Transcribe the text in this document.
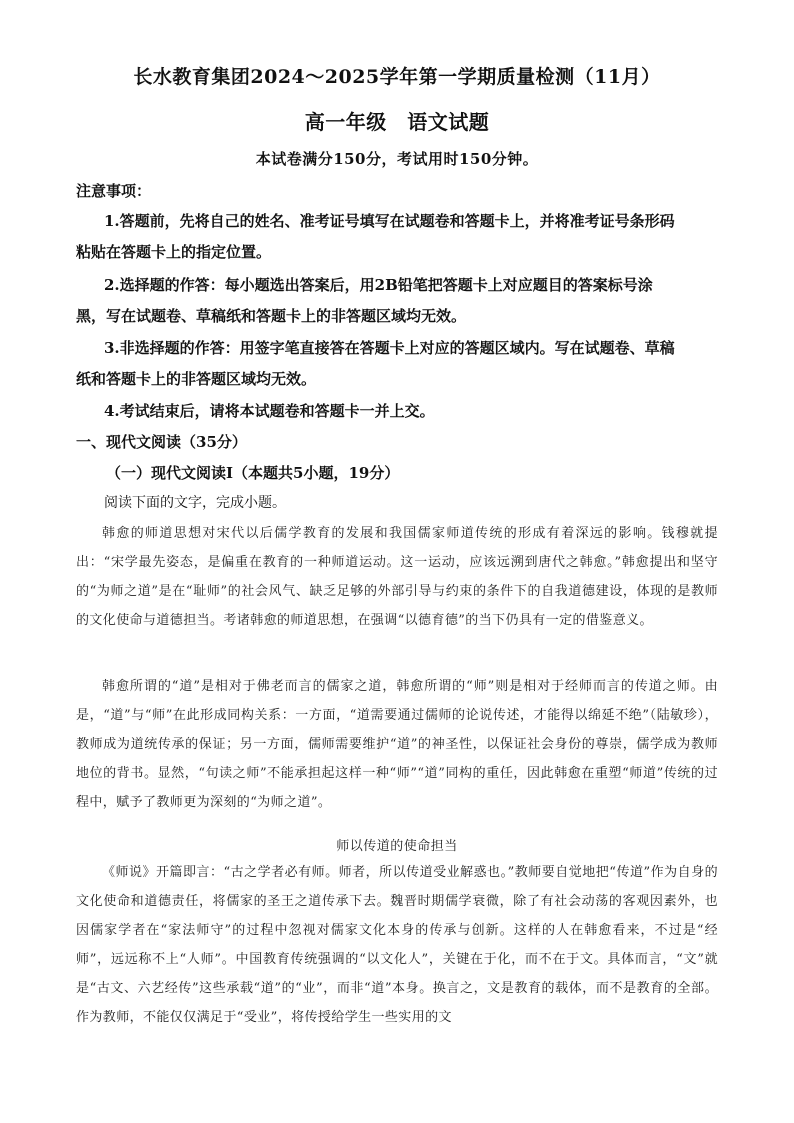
长水教育集团2024～2025学年第一学期质量检测（11月）
高一年级　语文试题
本试卷满分150分，考试用时150分钟。
注意事项：
1.答题前，先将自己的姓名、准考证号填写在试题卷和答题卡上，并将准考证号条形码
粘贴在答题卡上的指定位置。
2.选择题的作答：每小题选出答案后，用2B铅笔把答题卡上对应题目的答案标号涂
黑，写在试题卷、草稿纸和答题卡上的非答题区域均无效。
3.非选择题的作答：用签字笔直接答在答题卡上对应的答题区域内。写在试题卷、草稿
纸和答题卡上的非答题区域均无效。
4.考试结束后，请将本试题卷和答题卡一并上交。
一、现代文阅读（35分）
（一）现代文阅读Ⅰ（本题共5小题，19分）
阅读下面的文字，完成小题。
韩愈的师道思想对宋代以后儒学教育的发展和我国儒家师道传统的形成有着深远的影响。钱穆就提出：“宋学最先姿态，是偏重在教育的一种师道运动。这一运动，应该远溯到唐代之韩愈。”韩愈提出和坚守的“为师之道”是在“耻师”的社会风气、缺乏足够的外部引导与约束的条件下的自我道德建设，体现的是教师的文化使命与道德担当。考诸韩愈的师道思想，在强调“以德育德”的当下仍具有一定的借鉴意义。
韩愈所谓的“道”是相对于佛老而言的儒家之道，韩愈所谓的“师”则是相对于经师而言的传道之师。由是，“道”与“师”在此形成同构关系：一方面，“道需要通过儒师的论说传述，才能得以绵延不绝”（陆敏珍），教师成为道统传承的保证；另一方面，儒师需要维护“道”的神圣性，以保证社会身份的尊崇，儒学成为教师地位的背书。显然，“句读之师”不能承担起这样一种“师”“道”同构的重任，因此韩愈在重塑“师道”传统的过程中，赋予了教师更为深刻的“为师之道”。
师以传道的使命担当
《师说》开篇即言：“古之学者必有师。师者，所以传道受业解惑也。”教师要自觉地把“传道”作为自身的文化使命和道德责任，将儒家的圣王之道传承下去。魏晋时期儒学衰微，除了有社会动荡的客观因素外，也因儒家学者在“家法师守”的过程中忽视对儒家文化本身的传承与创新。这样的人在韩愈看来，不过是“经师”，远远称不上“人师”。中国教育传统强调的“以文化人”，关键在于化，而不在于文。具体而言，“文”就是“古文、六艺经传”这些承载“道”的“业”，而非“道”本身。换言之，文是教育的载体，而不是教育的全部。作为教师，不能仅仅满足于“受业”，将传授给学生一些实用的文
